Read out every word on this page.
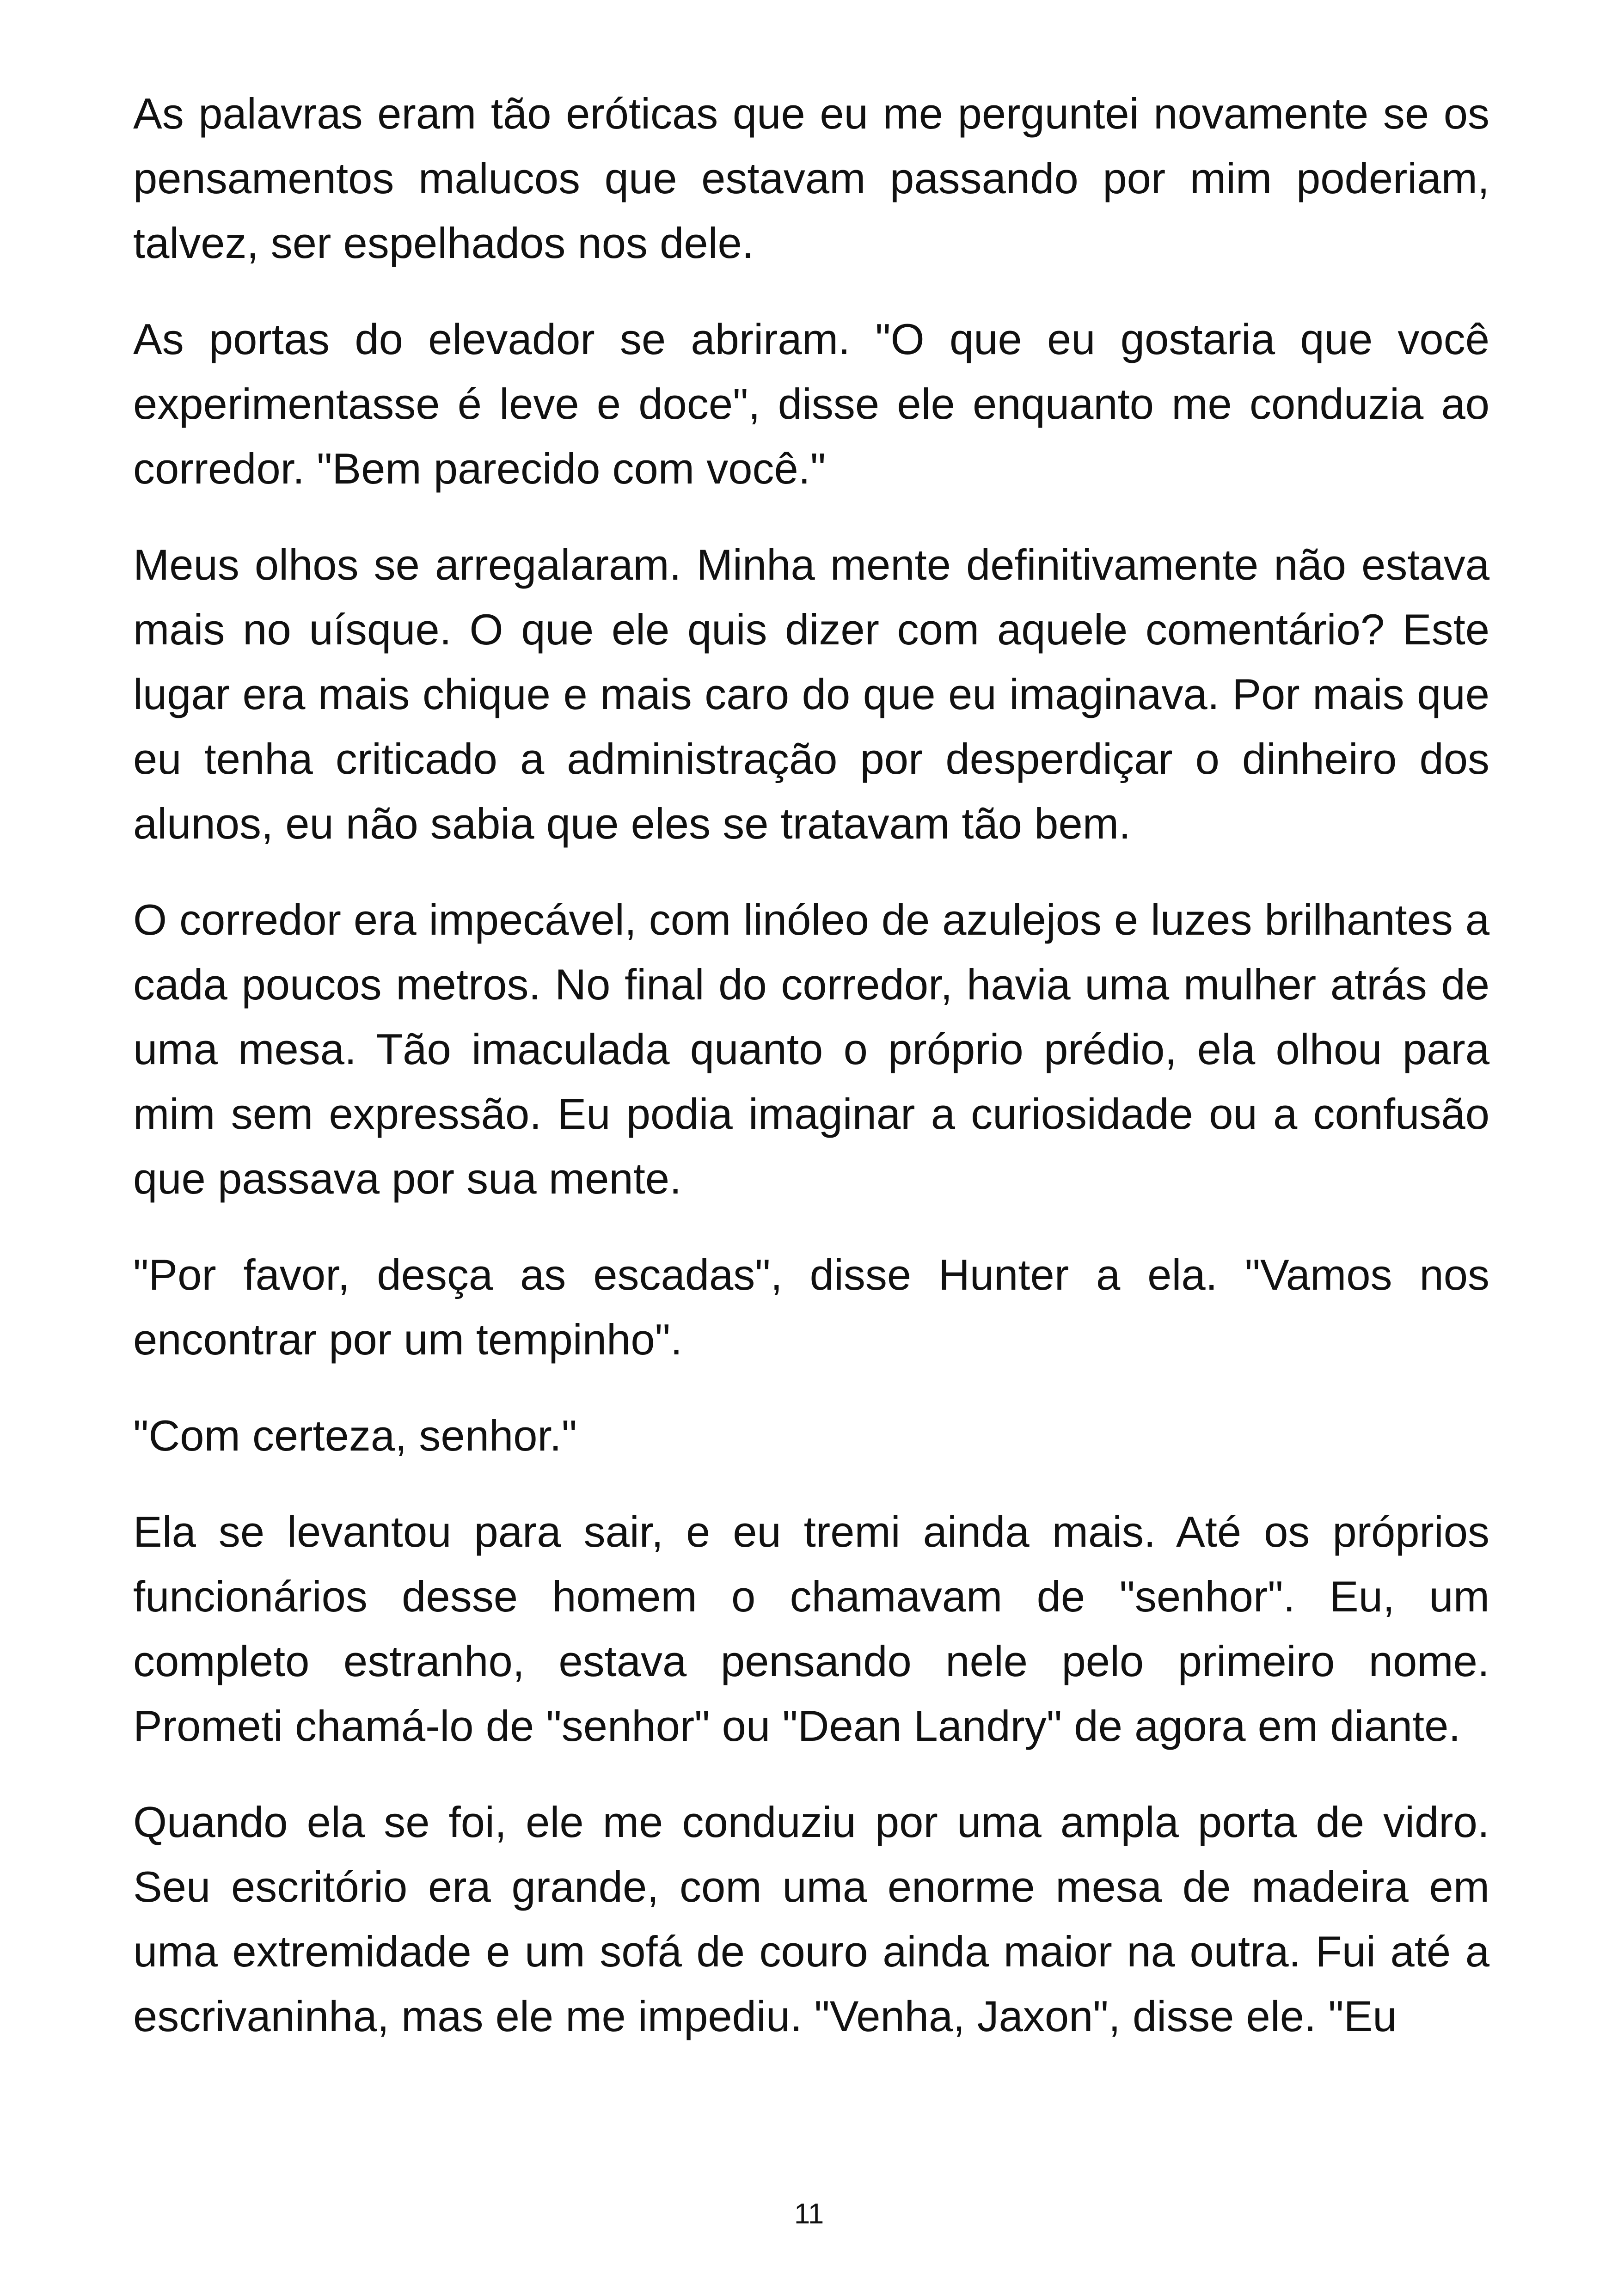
As palavras eram tão eróticas que eu me perguntei novamente se os pensamentos malucos que estavam passando por mim poderiam, talvez, ser espelhados nos dele.

As portas do elevador se abriram. "O que eu gostaria que você experimentasse é leve e doce", disse ele enquanto me conduzia ao corredor. "Bem parecido com você."

Meus olhos se arregalaram. Minha mente definitivamente não estava mais no uísque. O que ele quis dizer com aquele comentário? Este lugar era mais chique e mais caro do que eu imaginava. Por mais que eu tenha criticado a administração por desperdiçar o dinheiro dos alunos, eu não sabia que eles se tratavam tão bem.

O corredor era impecável, com linóleo de azulejos e luzes brilhantes a cada poucos metros. No final do corredor, havia uma mulher atrás de uma mesa. Tão imaculada quanto o próprio prédio, ela olhou para mim sem expressão. Eu podia imaginar a curiosidade ou a confusão que passava por sua mente.

"Por favor, desça as escadas", disse Hunter a ela. "Vamos nos encontrar por um tempinho".

"Com certeza, senhor."

Ela se levantou para sair, e eu tremi ainda mais. Até os próprios funcionários desse homem o chamavam de "senhor". Eu, um completo estranho, estava pensando nele pelo primeiro nome. Prometi chamá-lo de "senhor" ou "Dean Landry" de agora em diante.

Quando ela se foi, ele me conduziu por uma ampla porta de vidro. Seu escritório era grande, com uma enorme mesa de madeira em uma extremidade e um sofá de couro ainda maior na outra. Fui até a escrivaninha, mas ele me impediu. "Venha, Jaxon", disse ele. "Eu

11
